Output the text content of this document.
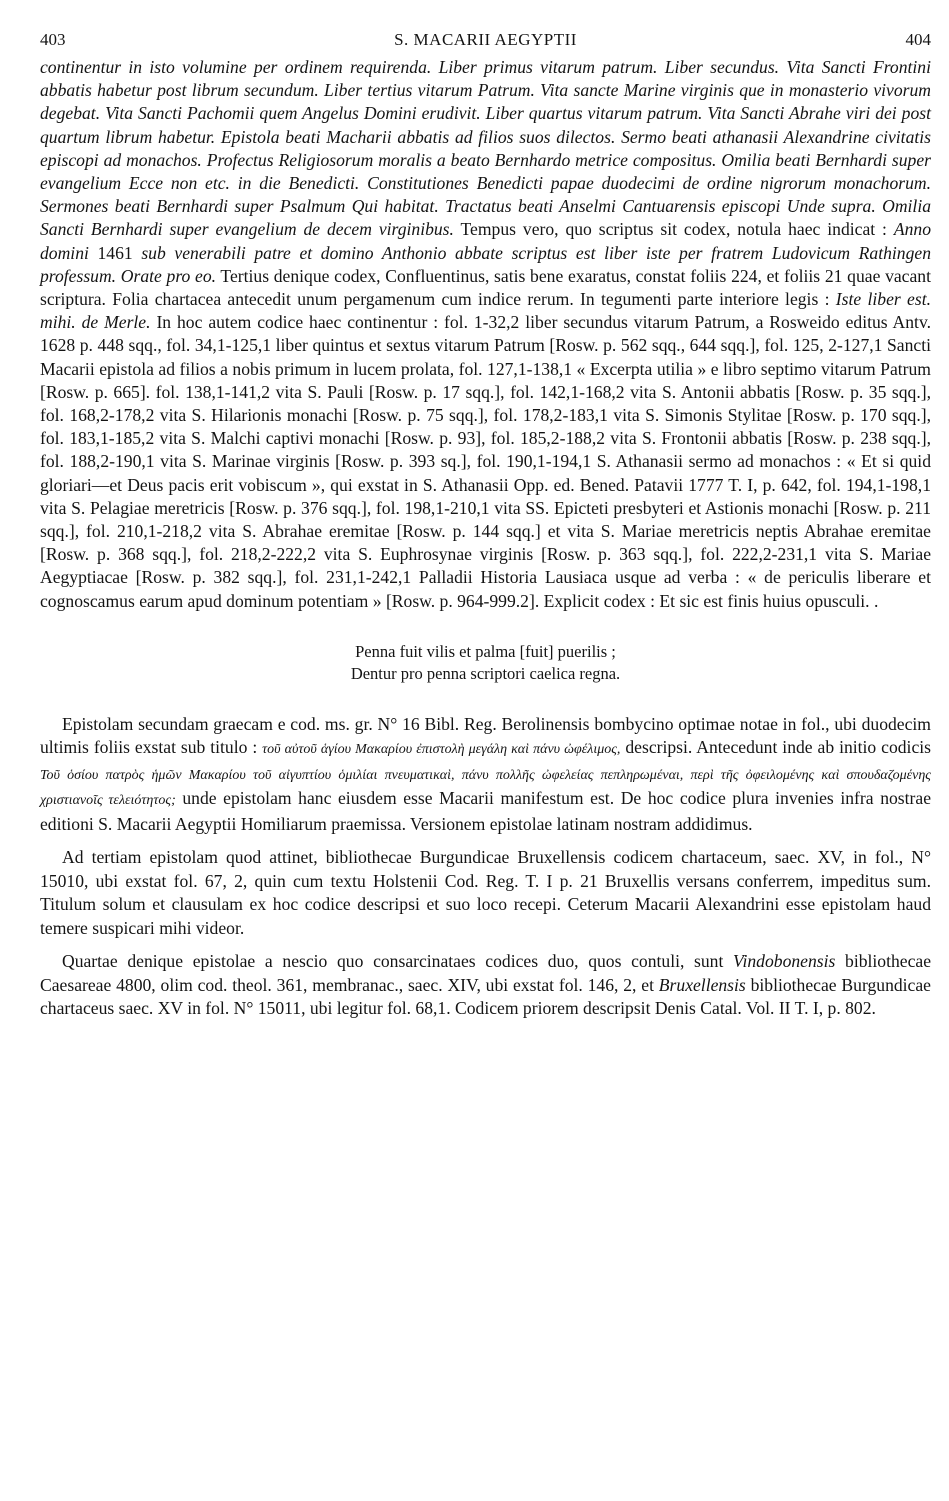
403	S. MACARII AEGYPTII	404

continentur in isto volumine per ordinem requirenda. Liber primus vitarum patrum. Liber secundus. Vita Sancti Frontini abbatis habetur post librum secundum. Liber tertius vitarum Patrum. Vita sancte Marine virginis que in monasterio vivorum degebat. Vita Sancti Pachomii quem Angelus Domini erudivit. Liber quartus vitarum patrum. Vita Sancti Abrahe viri dei post quartum librum habetur. Epistola beati Macharii abbatis ad filios suos dilectos. Sermo beati athanasii Alexandrine civitatis episcopi ad monachos. Profectus Religiosorum moralis a beato Bernhardo metrice compositus. Omilia beati Bernhardi super evangelium Ecce non etc. in die Benedicti. Constitutiones Benedicti papae duodecimi de ordine nigrorum monachorum. Sermones beati Bernhardi super Psalmum Qui habitat. Tractatus beati Anselmi Cantuarensis episcopi Unde supra. Omilia Sancti Bernhardi super evangelium de decem virginibus. Tempus vero, quo scriptus sit codex, notula haec indicat : Anno domini 1461 sub venerabili patre et domino Anthonio abbate scriptus est liber iste per fratrem Ludovicum Rathingen professum. Orate pro eo. Tertius denique codex, Confluentinus, satis bene exaratus, constat foliis 224, et foliis 21 quae vacant scriptura. Folia chartacea antecedit unum pergamenum cum indice rerum. In tegumenti parte interiore legis : Iste liber est. mihi. de Merle. In hoc autem codice haec continentur : fol. 1-32,2 liber secundus vitarum Patrum, a Rosweido editus Antv. 1628 p. 448 sqq., fol. 34,1-125,1 liber quintus et sextus vitarum Patrum [Rosw. p. 562 sqq., 644 sqq.], fol. 125, 2-127,1 Sancti Macarii epistola ad filios a nobis primum in lucem prolata, fol. 127,1-138,1 « Excerpta utilia » e libro septimo vitarum Patrum [Rosw. p. 665]. fol. 138,1-141,2 vita S. Pauli [Rosw. p. 17 sqq.], fol. 142,1-168,2 vita S. Antonii abbatis [Rosw. p. 35 sqq.], fol. 168,2-178,2 vita S. Hilarionis monachi [Rosw. p. 75 sqq.], fol. 178,2-183,1 vita S. Simonis Stylitae [Rosw. p. 170 sqq.], fol. 183,1-185,2 vita S. Malchi captivi monachi [Rosw. p. 93], fol. 185,2-188,2 vita S. Frontonii abbatis [Rosw. p. 238 sqq.], fol. 188,2-190,1 vita S. Marinae virginis [Rosw. p. 393 sq.], fol. 190,1-194,1 S. Athanasii sermo ad monachos : « Et si quid gloriari—et Deus pacis erit vobiscum », qui exstat in S. Athanasii Opp. ed. Bened. Patavii 1777 T. I, p. 642, fol. 194,1-198,1 vita S. Pelagiae meretricis [Rosw. p. 376 sqq.], fol. 198,1-210,1 vita SS. Epicteti presbyteri et Astionis monachi [Rosw. p. 211 sqq.], fol. 210,1-218,2 vita S. Abrahae eremitae [Rosw. p. 144 sqq.] et vita S. Mariae meretricis neptis Abrahae eremitae [Rosw. p. 368 sqq.], fol. 218,2-222,2 vita S. Euphrosynae virginis [Rosw. p. 363 sqq.], fol. 222,2-231,1 vita S. Mariae Aegyptiacae [Rosw. p. 382 sqq.], fol. 231,1-242,1 Palladii Historia Lausiaca usque ad verba : « de periculis liberare et cognoscamus earum apud dominum potentiam » [Rosw. p. 964-999.2]. Explicit codex : Et sic est finis huius opusculi. .

Penna fuit vilis et palma [fuit] puerilis ;
Dentur pro penna scriptori caelica regna.

Epistolam secundam graecam e cod. ms. gr. N° 16 Bibl. Reg. Berolinensis bombycino optimae notae in fol., ubi duodecim ultimis foliis exstat sub titulo : τοῦ αὐτοῦ ἁγίου Μακαρίου ἐπιστολὴ μεγάλη καὶ πάνυ ὠφέλιμος, descripsi. Antecedunt inde ab initio codicis Τοῦ ὁσίου πατρὸς ἡμῶν Μακαρίου τοῦ αἰγυπτίου ὁμιλίαι πνευματικαὶ, πάνυ πολλῆς ὠφελείας πεπληρωμέναι, περὶ τῆς ὀφειλομένης καὶ σπουδαζομένης χριστιανοῖς τελειότητος; unde epistolam hanc eiusdem esse Macarii manifestum est. De hoc codice plura invenies infra nostrae editioni S. Macarii Aegyptii Homiliarum praemissa. Versionem epistolae latinam nostram addidimus.

Ad tertiam epistolam quod attinet, bibliothecae Burgundicae Bruxellensis codicem chartaceum, saec. XV, in fol., N° 15010, ubi exstat fol. 67, 2, quin cum textu Holstenii Cod. Reg. T. I p. 21 Bruxellis versans conferrem, impeditus sum. Titulum solum et clausulam ex hoc codice descripsi et suo loco recepi. Ceterum Macarii Alexandrini esse epistolam haud temere suspicari mihi videor.

Quartae denique epistolae a nescio quo consarcinataes codices duo, quos contuli, sunt Vindobonensis bibliothecae Caesareae 4800, olim cod. theol. 361, membranac., saec. XIV, ubi exstat fol. 146, 2, et Bruxellensis bibliothecae Burgundicae chartaceus saec. XV in fol. N° 15011, ubi legitur fol. 68,1. Codicem priorem descripsit Denis Catal. Vol. II T. I, p. 802.
